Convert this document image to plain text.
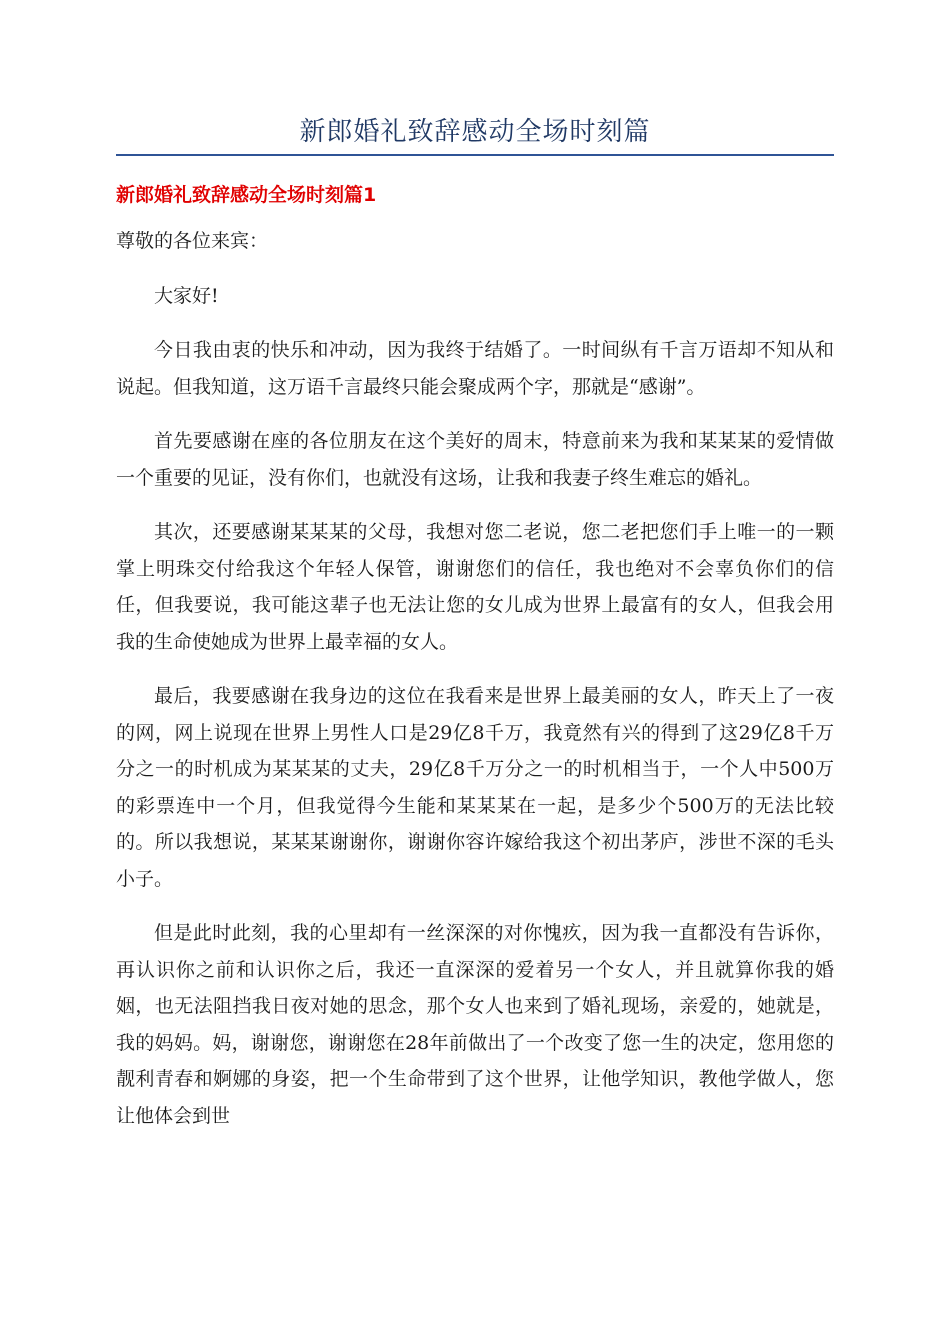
新郎婚礼致辞感动全场时刻篇
新郎婚礼致辞感动全场时刻篇1

尊敬的各位来宾：

大家好!

今日我由衷的快乐和冲动，因为我终于结婚了。一时间纵有千言万语却不知从和说起。但我知道，这万语千言最终只能会聚成两个字，那就是“感谢”。

首先要感谢在座的各位朋友在这个美好的周末，特意前来为我和某某某的爱情做一个重要的见证，没有你们，也就没有这场，让我和我妻子终生难忘的婚礼。

其次，还要感谢某某某的父母，我想对您二老说，您二老把您们手上唯一的一颗掌上明珠交付给我这个年轻人保管，谢谢您们的信任，我也绝对不会辜负你们的信任，但我要说，我可能这辈子也无法让您的女儿成为世界上最富有的女人，但我会用我的生命使她成为世界上最幸福的女人。

最后，我要感谢在我身边的这位在我看来是世界上最美丽的女人，昨天上了一夜的网，网上说现在世界上男性人口是29亿8千万，我竟然有兴的得到了这29亿8千万分之一的时机成为某某某的丈夫，29亿8千万分之一的时机相当于，一个人中500万的彩票连中一个月，但我觉得今生能和某某某在一起，是多少个500万的无法比较的。所以我想说，某某某谢谢你，谢谢你容许嫁给我这个初出茅庐，涉世不深的毛头小子。

但是此时此刻，我的心里却有一丝深深的对你愧疚，因为我一直都没有告诉你，再认识你之前和认识你之后，我还一直深深的爱着另一个女人，并且就算你我的婚姻，也无法阻挡我日夜对她的思念，那个女人也来到了婚礼现场，亲爱的，她就是，我的妈妈。妈，谢谢您，谢谢您在28年前做出了一个改变了您一生的决定，您用您的靓利青春和婀娜的身姿，把一个生命带到了这个世界，让他学知识，教他学做人，您让他体会到世
